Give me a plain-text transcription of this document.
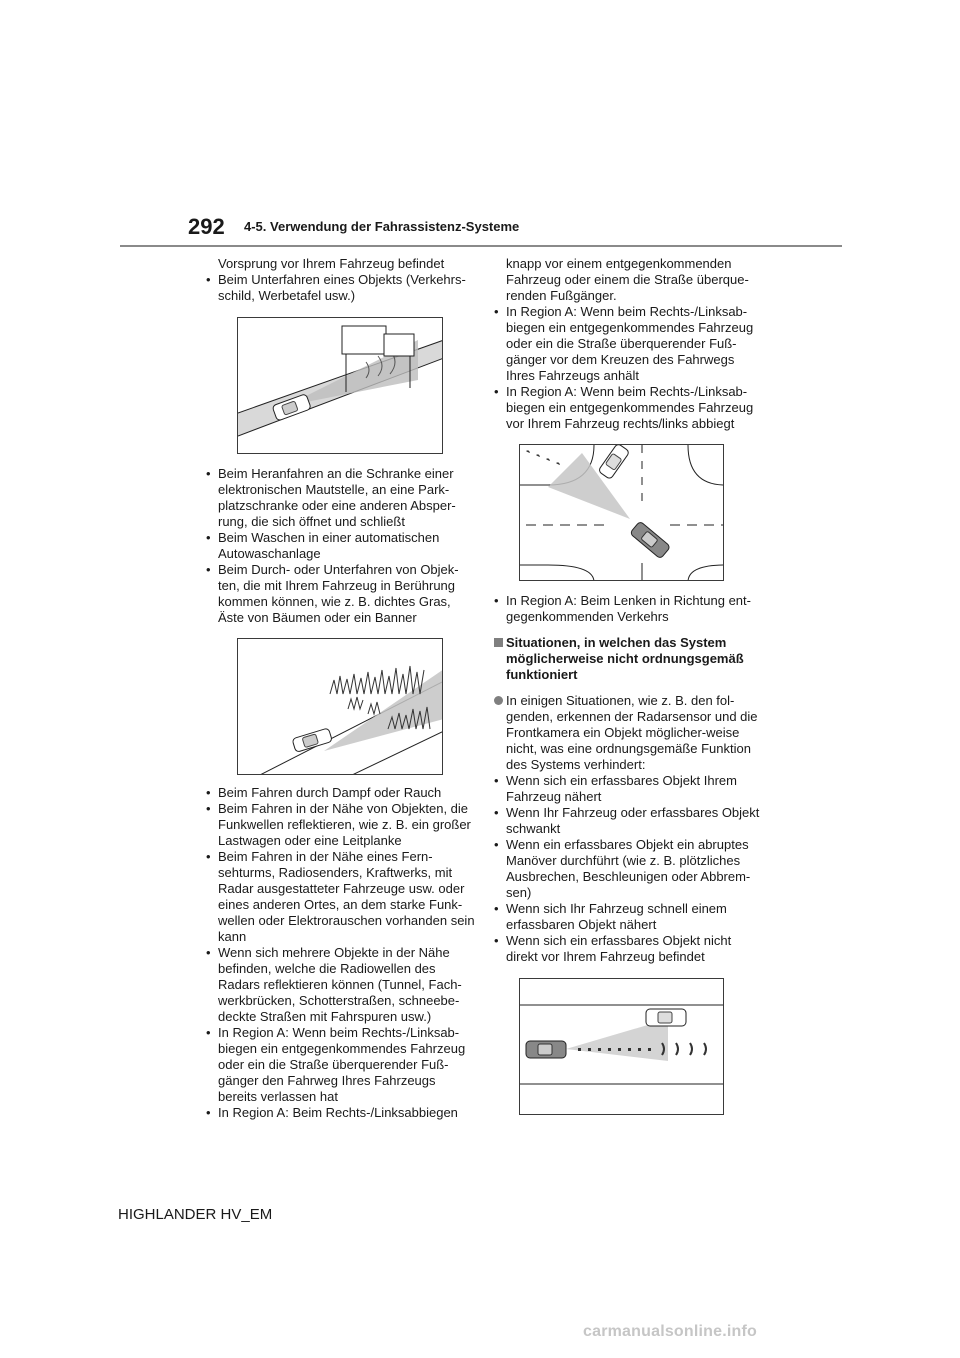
292 4-5. Verwendung der Fahrassistenz-Systeme
Vorsprung vor Ihrem Fahrzeug befindet
• Beim Unterfahren eines Objekts (Verkehrs-schild, Werbetafel usw.)
• Beim Heranfahren an die Schranke einer elektronischen Mautstelle, an eine Park-platzschranke oder eine anderen Absper-rung, die sich öffnet und schließt
• Beim Waschen in einer automatischen Autowaschanlage
• Beim Durch- oder Unterfahren von Objek-ten, die mit Ihrem Fahrzeug in Berührung kommen können, wie z. B. dichtes Gras, Äste von Bäumen oder ein Banner
• Beim Fahren durch Dampf oder Rauch
• Beim Fahren in der Nähe von Objekten, die Funkwellen reflektieren, wie z. B. ein großer Lastwagen oder eine Leitplanke
• Beim Fahren in der Nähe eines Fern-sehturms, Radiosenders, Kraftwerks, mit Radar ausgestatteter Fahrzeuge usw. oder eines anderen Ortes, an dem starke Funk-wellen oder Elektrorauschen vorhanden sein kann
• Wenn sich mehrere Objekte in der Nähe befinden, welche die Radiowellen des Radars reflektieren können (Tunnel, Fach-werkbrücken, Schotterstraßen, schneebe-deckte Straßen mit Fahrspuren usw.)
• In Region A: Wenn beim Rechts-/Linksab-biegen ein entgegenkommendes Fahrzeug oder ein die Straße überquerender Fuß-gänger den Fahrweg Ihres Fahrzeugs bereits verlassen hat
• In Region A: Beim Rechts-/Linksabbiegen
knapp vor einem entgegenkommenden Fahrzeug oder einem die Straße überque-renden Fußgänger.
• In Region A: Wenn beim Rechts-/Linksab-biegen ein entgegenkommendes Fahrzeug oder ein die Straße überquerender Fuß-gänger vor dem Kreuzen des Fahrwegs Ihres Fahrzeugs anhält
• In Region A: Wenn beim Rechts-/Linksab-biegen ein entgegenkommendes Fahrzeug vor Ihrem Fahrzeug rechts/links abbiegt
• In Region A: Beim Lenken in Richtung ent-gegenkommenden Verkehrs
Situationen, in welchen das System möglicherweise nicht ordnungsgemäß funktioniert
In einigen Situationen, wie z. B. den fol-genden, erkennen der Radarsensor und die Frontkamera ein Objekt möglicher-weise nicht, was eine ordnungsgemäße Funktion des Systems verhindert:
• Wenn sich ein erfassbares Objekt Ihrem Fahrzeug nähert
• Wenn Ihr Fahrzeug oder erfassbares Objekt schwankt
• Wenn ein erfassbares Objekt ein abruptes Manöver durchführt (wie z. B. plötzliches Ausbrechen, Beschleunigen oder Abbrem-sen)
• Wenn sich Ihr Fahrzeug schnell einem erfassbaren Objekt nähert
• Wenn sich ein erfassbares Objekt nicht direkt vor Ihrem Fahrzeug befindet
HIGHLANDER HV_EM
carmanualsonline.info
